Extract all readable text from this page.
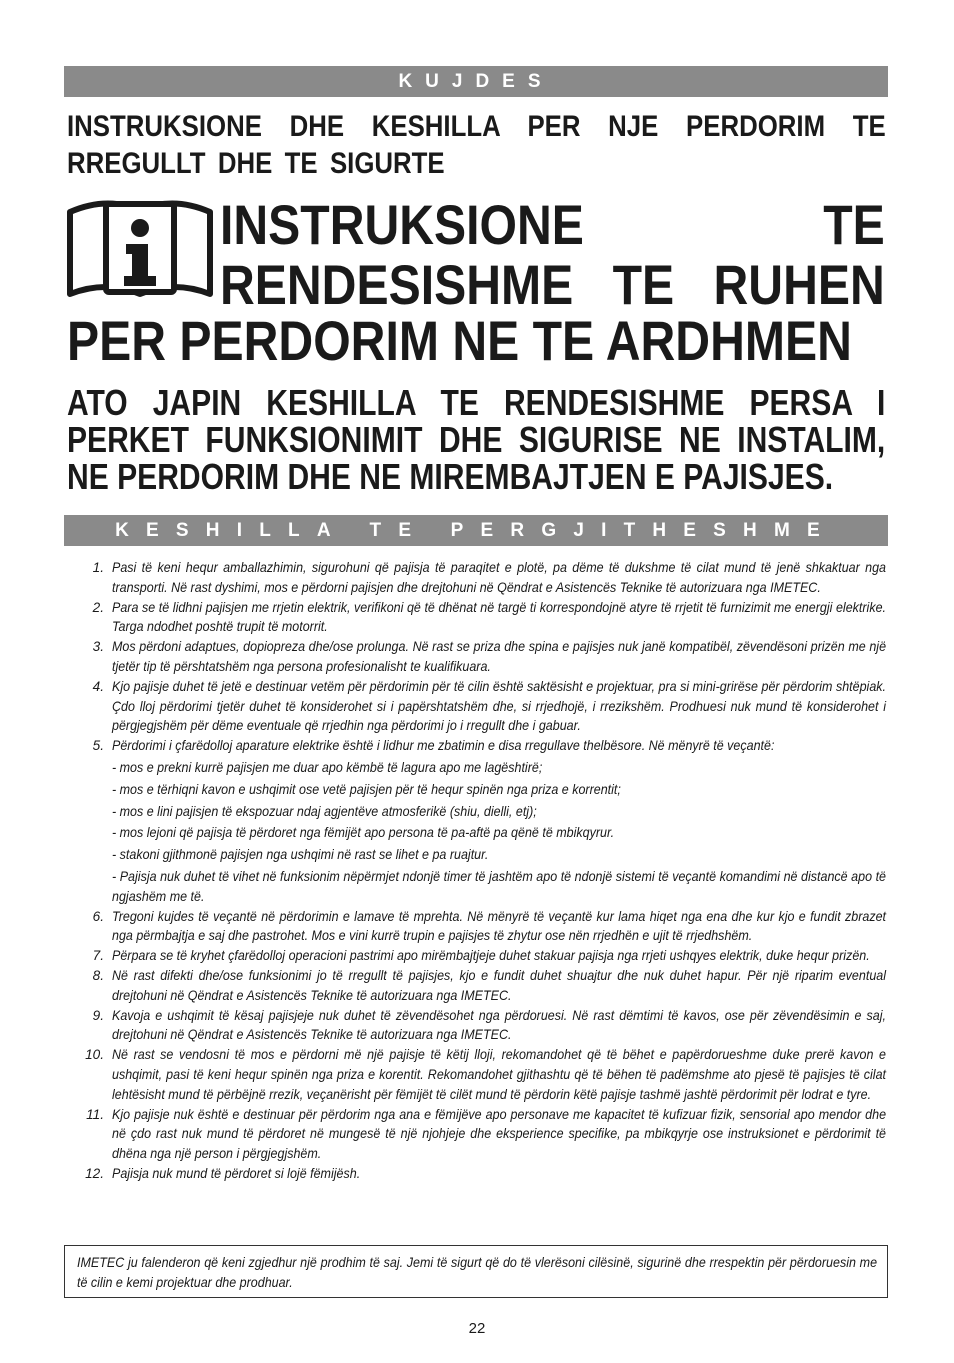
KUJDES
INSTRUKSIONE DHE KESHILLA PER NJE PERDORIM TE RREGULLT DHE TE SIGURTE
INSTRUKSIONE TE
RENDESISHME TE RUHEN
PER PERDORIM NE TE ARDHMEN
ATO JAPIN KESHILLA TE RENDESISHME PERSA I PERKET FUNKSIONIMIT DHE SIGURISE NE INSTALIM, NE PERDORIM DHE NE MIREMBAJTJEN E PAJISJES.
KESHILLA TE PERGJITHESHME
1. Pasi të keni hequr amballazhimin, sigurohuni që pajisja të paraqitet e plotë, pa dëme të dukshme të cilat mund të jenë shkaktuar nga transporti. Në rast dyshimi, mos e përdorni pajisjen dhe drejtohuni në Qëndrat e Asistencës Teknike të autorizuara nga IMETEC.
2. Para se të lidhni pajisjen me rrjetin elektrik, verifikoni që të dhënat në targë ti korrespondojnë atyre të rrjetit të furnizimit me energji elektrike. Targa ndodhet poshtë trupit të motorrit.
3. Mos përdoni adaptues, dopiopreza dhe/ose prolunga. Në rast se priza dhe spina e pajisjes nuk janë kompatibël, zëvendësoni prizën me një tjetër tip të përshtatshëm nga persona profesionalisht te kualifikuara.
4. Kjo pajisje duhet të jetë e destinuar vetëm për përdorimin për të cilin është saktësisht e projektuar, pra si mini-grirëse për përdorim shtëpiak. Çdo lloj përdorimi tjetër duhet të konsiderohet si i papërshtatshëm dhe, si rrjedhojë, i rrezikshëm. Prodhuesi nuk mund të konsiderohet i përgjegjshëm për dëme eventuale që rrjedhin nga përdorimi jo i rregullt dhe i gabuar.
5. Përdorimi i çfarëdolloj aparature elektrike është i lidhur me zbatimin e disa rregullave thelbësore. Në mënyrë të veçantë:
- mos e prekni kurrë pajisjen me duar apo këmbë të lagura apo me lagështirë;
- mos e tërhiqni kavon e ushqimit ose vetë pajisjen për të hequr spinën nga priza e korrentit;
- mos e lini pajisjen të ekspozuar ndaj agjentëve atmosferikë (shiu, dielli, etj);
- mos lejoni që pajisja të përdoret nga fëmijët apo persona të pa-aftë pa qënë të mbikqyrur.
- stakoni gjithmonë pajisjen nga ushqimi në rast se lihet e pa ruajtur.
- Pajisja nuk duhet të vihet në funksionim nëpërmjet ndonjë timer të jashtëm apo të ndonjë sistemi të veçantë komandimi në distancë apo të ngjashëm me të.
6. Tregoni kujdes të veçantë në përdorimin e lamave të mprehta. Në mënyrë të veçantë kur lama hiqet nga ena dhe kur kjo e fundit zbrazet nga përmbajtja e saj dhe pastrohet. Mos e vini kurrë trupin e pajisjes të zhytur ose nën rrjedhën e ujit të rrjedhshëm.
7. Përpara se të kryhet çfarëdolloj operacioni pastrimi apo mirëmbajtjeje duhet stakuar pajisja nga rrjeti ushqyes elektrik, duke hequr prizën.
8. Në rast difekti dhe/ose funksionimi jo të rregullt të pajisjes, kjo e fundit duhet shuajtur dhe nuk duhet hapur. Për një riparim eventual drejtohuni në Qëndrat e Asistencës Teknike të autorizuara nga IMETEC.
9. Kavoja e ushqimit të kësaj pajisjeje nuk duhet të zëvendësohet nga përdoruesi. Në rast dëmtimi të kavos, ose për zëvendësimin e saj, drejtohuni në Qëndrat e Asistencës Teknike të autorizuara nga IMETEC.
10. Në rast se vendosni të mos e përdorni më një pajisje të këtij lloji, rekomandohet që të bëhet e papërdorueshme duke prerë kavon e ushqimit, pasi të keni hequr spinën nga priza e korentit. Rekomandohet gjithashtu që të bëhen të padëmshme ato pjesë të pajisjes të cilat lehtësisht mund të përbëjnë rrezik, veçanërisht për fëmijët të cilët mund të përdorin këtë pajisje tashmë jashtë përdorimit për lodrat e tyre.
11. Kjo pajisje nuk është e destinuar për përdorim nga ana e fëmijëve apo personave me kapacitet të kufizuar fizik, sensorial apo mendor dhe në çdo rast nuk mund të përdoret në mungesë të një njohjeje dhe eksperience specifike, pa mbikqyrje ose instruksionet e përdorimit të dhëna nga një person i përgjegjshëm.
12. Pajisja nuk mund të përdoret si lojë fëmijësh.
IMETEC ju falenderon që keni zgjedhur një prodhim të saj. Jemi të sigurt që do të vlerësoni cilësinë, sigurinë dhe rrespektin për përdoruesin me të cilin e kemi projektuar dhe prodhuar.
22
